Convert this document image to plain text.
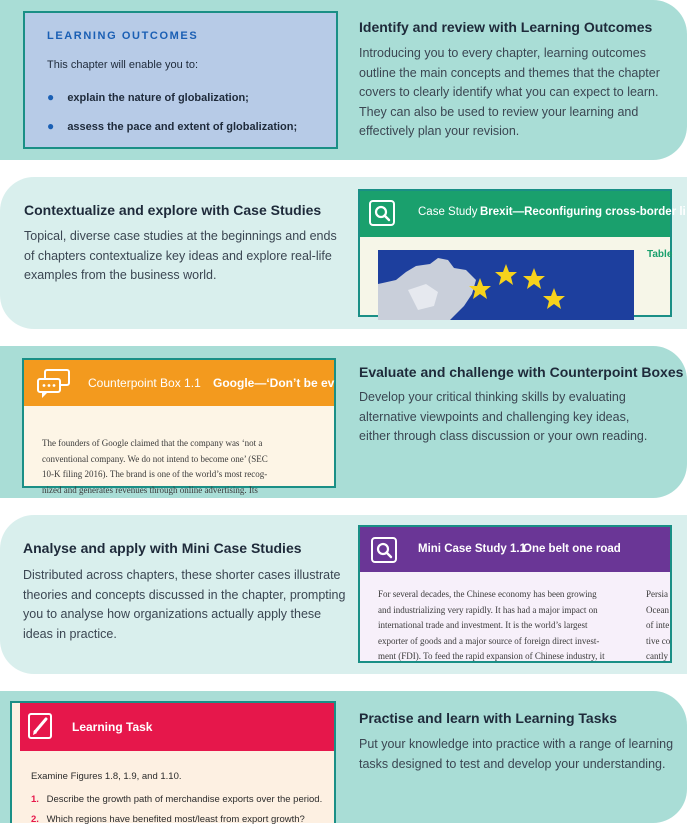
LEARNING OUTCOMES
This chapter will enable you to:
● explain the nature of globalization;
● assess the pace and extent of globalization;
Identify and review with Learning Outcomes
Introducing you to every chapter, learning outcomes
outline the main concepts and themes that the chapter
covers to clearly identify what you can expect to learn.
They can also be used to review your learning and
effectively plan your revision.
Contextualize and explore with Case Studies
Topical, diverse case studies at the beginnings and ends
of chapters contextualize key ideas and explore real-life
examples from the business world.
Case Study Brexit—Reconfiguring cross-border li
Table
Counterpoint Box 1.1 Google—‘Don’t be ev
The founders of Google claimed that the company was ‘not a
conventional company. We do not intend to become one’ (SEC
10-K filing 2016). The brand is one of the world’s most recog-
nized and generates revenues through online advertising. Its
Evaluate and challenge with Counterpoint Boxes
Develop your critical thinking skills by evaluating
alternative viewpoints and challenging key ideas,
either through class discussion or your own reading.
Analyse and apply with Mini Case Studies
Distributed across chapters, these shorter cases illustrate
theories and concepts discussed in the chapter, prompting
you to analyse how organizations actually apply these
ideas in practice.
Mini Case Study 1.1
One belt one road
For several decades, the Chinese economy has been growing
and industrializing very rapidly. It has had a major impact on
international trade and investment. It is the world’s largest
exporter of goods and a major source of foreign direct invest-
ment (FDI). To feed the rapid expansion of Chinese industry, it
Persia
Ocean
of inte
tive co
cantly
Learning Task
Examine Figures 1.8, 1.9, and 1.10.
1. Describe the growth path of merchandise exports over the period.
2. Which regions have benefited most/least from export growth?
Practise and learn with Learning Tasks
Put your knowledge into practice with a range of learning
tasks designed to test and develop your understanding.
